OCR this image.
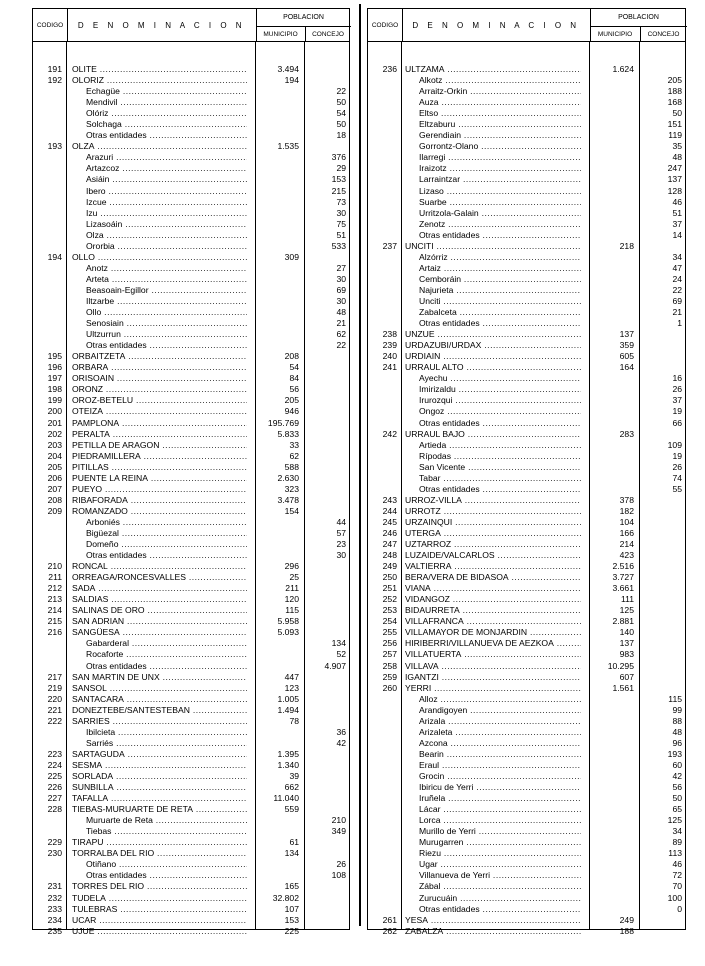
CODIGO	D E N O M I N A C I O N
POBLACION
MUNICIPIO	CONCEJO
191 OLITE .....	3.494
192 OLORIZ .....	194
Echagüe .....	22
Mendivil .....	50
Olóriz .....	54
Solchaga .....	50
Otras entidades .....	18
193 OLZA .....	1.535
Arazuri .....	376
Artazcoz .....	29
Asiáin .....	153
Ibero .....	215
Izcue .....	73
Izu .....	30
Lizasoáin .....	75
Olza .....	51
Ororbia .....	533
194 OLLO .....	309
Anotz .....	27
Arteta .....	30
Beasoain-Egillor .....	69
Iltzarbe .....	30
Ollo .....	48
Senosiain .....	21
Ultzurrun .....	62
Otras entidades .....	22
195 ORBAITZETA .....	208
196 ORBARA .....	54
197 ORISOAIN .....	84
198 ORONZ .....	56
199 OROZ-BETELU .....	205
200 OTEIZA .....	946
201 PAMPLONA .....	195.769
202 PERALTA .....	5.833
203 PETILLA DE ARAGON .....	33
204 PIEDRAMILLERA .....	62
205 PITILLAS .....	588
206 PUENTE LA REINA .....	2.630
207 PUEYO .....	323
208 RIBAFORADA .....	3.478
209 ROMANZADO .....	154
Arboniés .....	44
Bigüezal .....	57
Domeño .....	23
Otras entidades .....	30
210 RONCAL .....	296
211 ORREAGA/RONCESVALLES .....	25
212 SADA .....	211
213 SALDIAS .....	120
214 SALINAS DE ORO .....	115
215 SAN ADRIAN .....	5.958
216 SANGÜESA .....	5.093
Gabarderal .....	134
Rocaforte .....	52
Otras entidades .....	4.907
217 SAN MARTIN DE UNX .....	447
219 SANSOL .....	123
220 SANTACARA .....	1.005
221 DONEZTEBE/SANTESTEBAN .....	1.494
222 SARRIES .....	78
Ibilcieta .....	36
Sarriés .....	42
223 SARTAGUDA .....	1.395
224 SESMA .....	1.340
225 SORLADA .....	39
226 SUNBILLA .....	662
227 TAFALLA .....	11.040
228 TIEBAS-MURUARTE DE RETA .....	559
Muruarte de Reta .....	210
Tiebas .....	349
229 TIRAPU .....	61
230 TORRALBA DEL RIO .....	134
Otiñano .....	26
Otras entidades .....	108
231 TORRES DEL RIO .....	165
232 TUDELA .....	32.802
233 TULEBRAS .....	107
234 UCAR .....	153
235 UJUE .....	225
CODIGO	D E N O M I N A C I O N
POBLACION
MUNICIPIO	CONCEJO
236 ULTZAMA .....	1.624
Alkotz .....	205
Arraitz-Orkin .....	188
Auza .....	168
Eltso .....	50
Eltzaburu .....	151
Gerendiain .....	119
Gorrontz-Olano .....	35
Ilarregi .....	48
Iraizotz .....	247
Larraintzar .....	137
Lizaso .....	128
Suarbe .....	46
Urritzola-Galain .....	51
Zenotz .....	37
Otras entidades .....	14
237 UNCITI .....	218
Alzórriz .....	34
Artaiz .....	47
Cemboráin .....	24
Najurieta .....	22
Unciti .....	69
Zabalceta .....	21
Otras entidades .....	1
238 UNZUE .....	137
239 URDAZUBI/URDAX .....	359
240 URDIAIN .....	605
241 URRAUL ALTO .....	164
Ayechu .....	16
Imirizaldu .....	26
Irurozqui .....	37
Ongoz .....	19
Otras entidades .....	66
242 URRAUL BAJO .....	283
Artieda .....	109
Rípodas .....	19
San Vicente .....	26
Tabar .....	74
Otras entidades .....	55
243 URROZ-VILLA .....	378
244 URROTZ .....	182
245 URZAINQUI .....	104
246 UTERGA .....	166
247 UZTARROZ .....	214
248 LUZAIDE/VALCARLOS .....	423
249 VALTIERRA .....	2.516
250 BERA/VERA DE BIDASOA .....	3.727
251 VIANA .....	3.661
252 VIDANGOZ .....	111
253 BIDAURRETA .....	125
254 VILLAFRANCA .....	2.881
255 VILLAMAYOR DE MONJARDIN .....	140
256 HIRIBERRI/VILLANUEVA DE AEZKOA .....	137
257 VILLATUERTA .....	983
258 VILLAVA .....	10.295
259 IGANTZI .....	607
260 YERRI .....	1.561
Alloz .....	115
Arandigoyen .....	99
Arizala .....	88
Arizaleta .....	48
Azcona .....	96
Bearin .....	193
Eraul .....	60
Grocin .....	42
Ibiricu de Yerri .....	56
Iruñela .....	50
Lácar .....	65
Lorca .....	125
Murillo de Yerri .....	34
Murugarren .....	89
Riezu .....	113
Ugar .....	46
Villanueva de Yerri .....	72
Zábal .....	70
Zurucuáin .....	100
Otras entidades .....	0
261 YESA .....	249
262 ZABALZA .....	188
